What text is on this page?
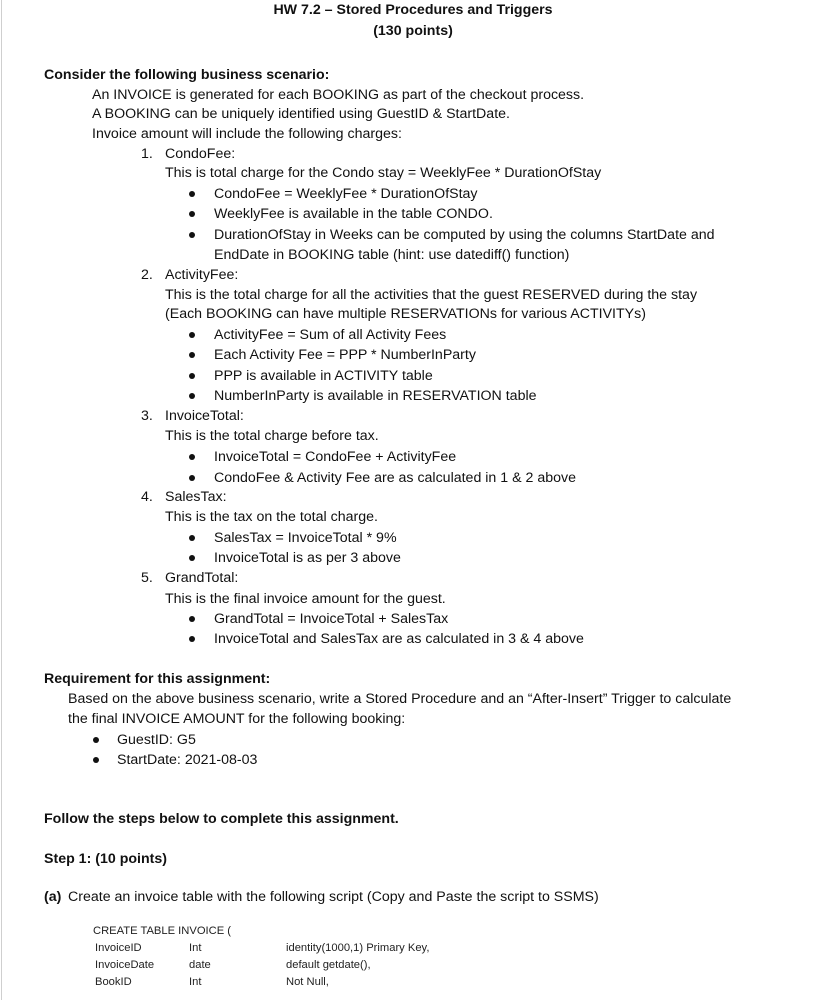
HW 7.2 – Stored Procedures and Triggers
(130 points)
Consider the following business scenario:
An INVOICE is generated for each BOOKING as part of the checkout process.
A BOOKING can be uniquely identified using GuestID & StartDate.
Invoice amount will include the following charges:
1. CondoFee:
This is total charge for the Condo stay = WeeklyFee * DurationOfStay
CondoFee = WeeklyFee * DurationOfStay
WeeklyFee is available in the table CONDO.
DurationOfStay in Weeks can be computed by using the columns StartDate and
EndDate in BOOKING table (hint: use datediff() function)
2. ActivityFee:
This is the total charge for all the activities that the guest RESERVED during the stay
(Each BOOKING can have multiple RESERVATIONs for various ACTIVITYs)
ActivityFee = Sum of all Activity Fees
Each Activity Fee = PPP * NumberInParty
PPP is available in ACTIVITY table
NumberInParty is available in RESERVATION table
3. InvoiceTotal:
This is the total charge before tax.
InvoiceTotal = CondoFee + ActivityFee
CondoFee & Activity Fee are as calculated in 1 & 2 above
4. SalesTax:
This is the tax on the total charge.
SalesTax = InvoiceTotal * 9%
InvoiceTotal is as per 3 above
5. GrandTotal:
This is the final invoice amount for the guest.
GrandTotal = InvoiceTotal + SalesTax
InvoiceTotal and SalesTax are as calculated in 3 & 4 above
Requirement for this assignment:
Based on the above business scenario, write a Stored Procedure and an “After-Insert” Trigger to calculate
the final INVOICE AMOUNT for the following booking:
GuestID: G5
StartDate: 2021-08-03
Follow the steps below to complete this assignment.
Step 1: (10 points)
(a) Create an invoice table with the following script (Copy and Paste the script to SSMS)
CREATE TABLE INVOICE (
InvoiceID	Int	identity(1000,1) Primary Key,
InvoiceDate	date	default getdate(),
BookID	Int	Not Null,
